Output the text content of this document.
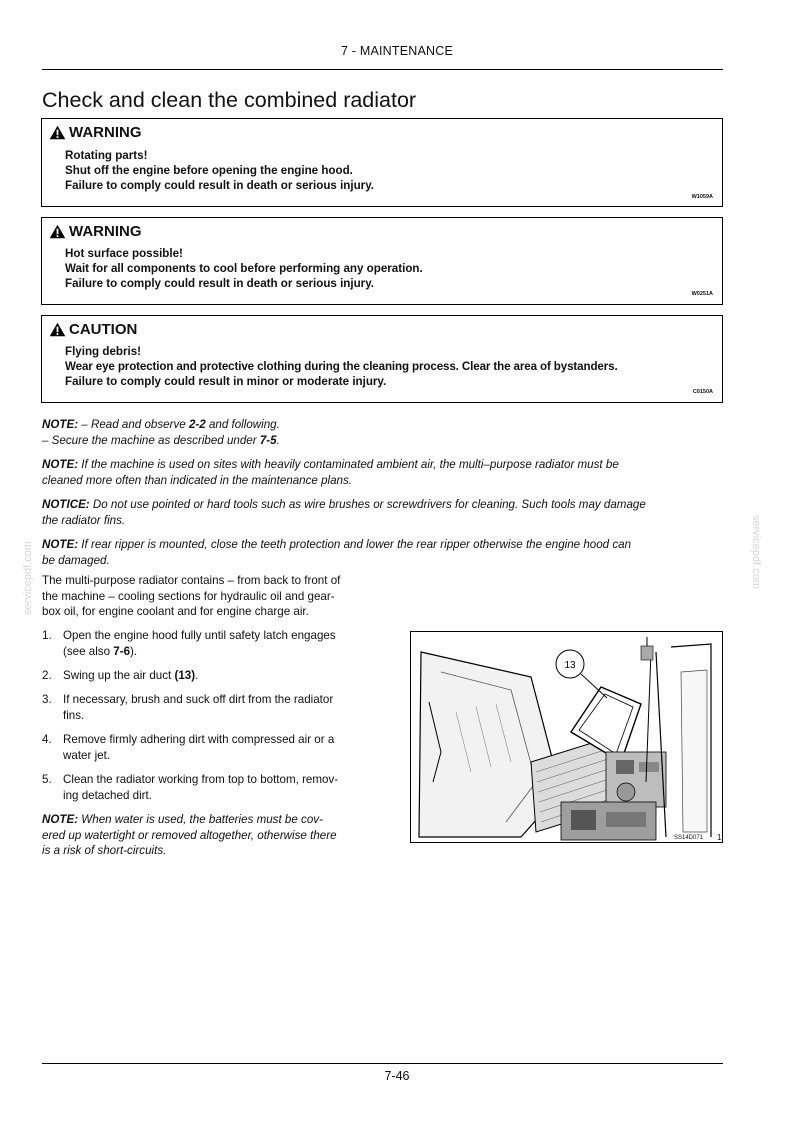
7 - MAINTENANCE
Check and clean the combined radiator
WARNING
Rotating parts!
Shut off the engine before opening the engine hood.
Failure to comply could result in death or serious injury.
W1059A
WARNING
Hot surface possible!
Wait for all components to cool before performing any operation.
Failure to comply could result in death or serious injury.
W0251A
CAUTION
Flying debris!
Wear eye protection and protective clothing during the cleaning process. Clear the area of bystanders.
Failure to comply could result in minor or moderate injury.
C0150A
NOTE: – Read and observe 2-2 and following.
– Secure the machine as described under 7-5.
NOTE: If the machine is used on sites with heavily contaminated ambient air, the multi–purpose radiator must be
cleaned more often than indicated in the maintenance plans.
NOTICE: Do not use pointed or hard tools such as wire brushes or screwdrivers for cleaning. Such tools may damage
the radiator fins.
NOTE: If rear ripper is mounted, close the teeth protection and lower the rear ripper otherwise the engine hood can
be damaged.
The multi-purpose radiator contains – from back to front of
the machine – cooling sections for hydraulic oil and gear-
box oil, for engine coolant and for engine charge air.
1. Open the engine hood fully until safety latch engages
(see also 7-6).
2. Swing up the air duct (13).
3. If necessary, brush and suck off dirt from the radiator
fins.
4. Remove firmly adhering dirt with compressed air or a
water jet.
5. Clean the radiator working from top to bottom, remov-
ing detached dirt.
NOTE: When water is used, the batteries must be cov-
ered up watertight or removed altogether, otherwise there
is a risk of short-circuits.
13
SS14D071 1
servicepdf.com	servicepdf.com
7-46
